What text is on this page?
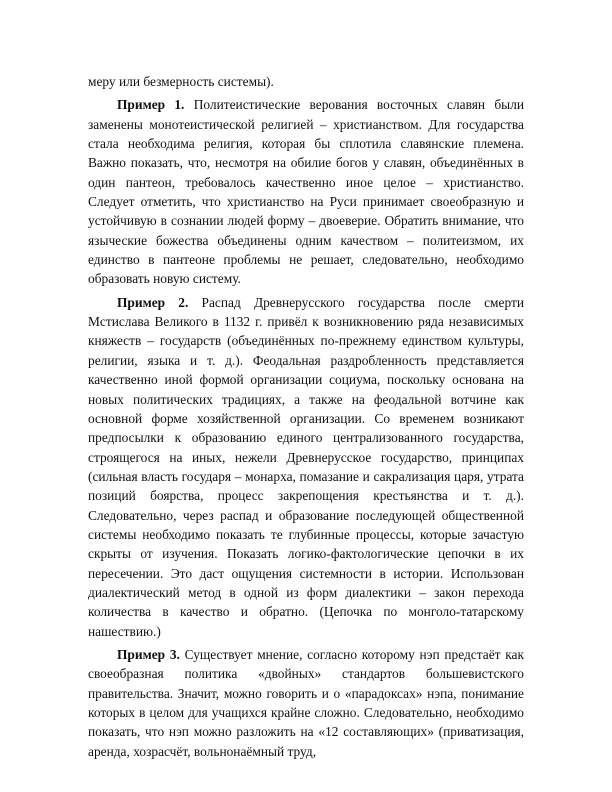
меру или безмерность системы).

Пример 1. Политеистические верования восточных славян были заменены монотеистической религией – христианством. Для государства стала необходима религия, которая бы сплотила славянские племена. Важно показать, что, несмотря на обилие богов у славян, объединённых в один пантеон, требовалось качественно иное целое – христианство. Следует отметить, что христианство на Руси принимает своеобразную и устойчивую в сознании людей форму – двоеверие. Обратить внимание, что языческие божества объединены одним качеством – политеизмом, их единство в пантеоне проблемы не решает, следовательно, необходимо образовать новую систему.

Пример 2. Распад Древнерусского государства после смерти Мстислава Великого в 1132 г. привёл к возникновению ряда независимых княжеств – государств (объединённых по-прежнему единством культуры, религии, языка и т. д.). Феодальная раздробленность представляется качественно иной формой организации социума, поскольку основана на новых политических традициях, а также на феодальной вотчине как основной форме хозяйственной организации. Со временем возникают предпосылки к образованию единого централизованного государства, строящегося на иных, нежели Древнерусское государство, принципах (сильная власть государя – монарха, помазание и сакрализация царя, утрата позиций боярства, процесс закрепощения крестьянства и т. д.). Следовательно, через распад и образование последующей общественной системы необходимо показать те глубинные процессы, которые зачастую скрыты от изучения. Показать логико-фактологические цепочки в их пересечении. Это даст ощущения системности в истории. Использован диалектический метод в одной из форм диалектики – закон перехода количества в качество и обратно. (Цепочка по монголо-татарскому нашествию.)

Пример 3. Существует мнение, согласно которому нэп предстаёт как своеобразная политика «двойных» стандартов большевистского правительства. Значит, можно говорить и о «парадоксах» нэпа, понимание которых в целом для учащихся крайне сложно. Следовательно, необходимо показать, что нэп можно разложить на «12 составляющих» (приватизация, аренда, хозрасчёт, вольнонаёмный труд,
